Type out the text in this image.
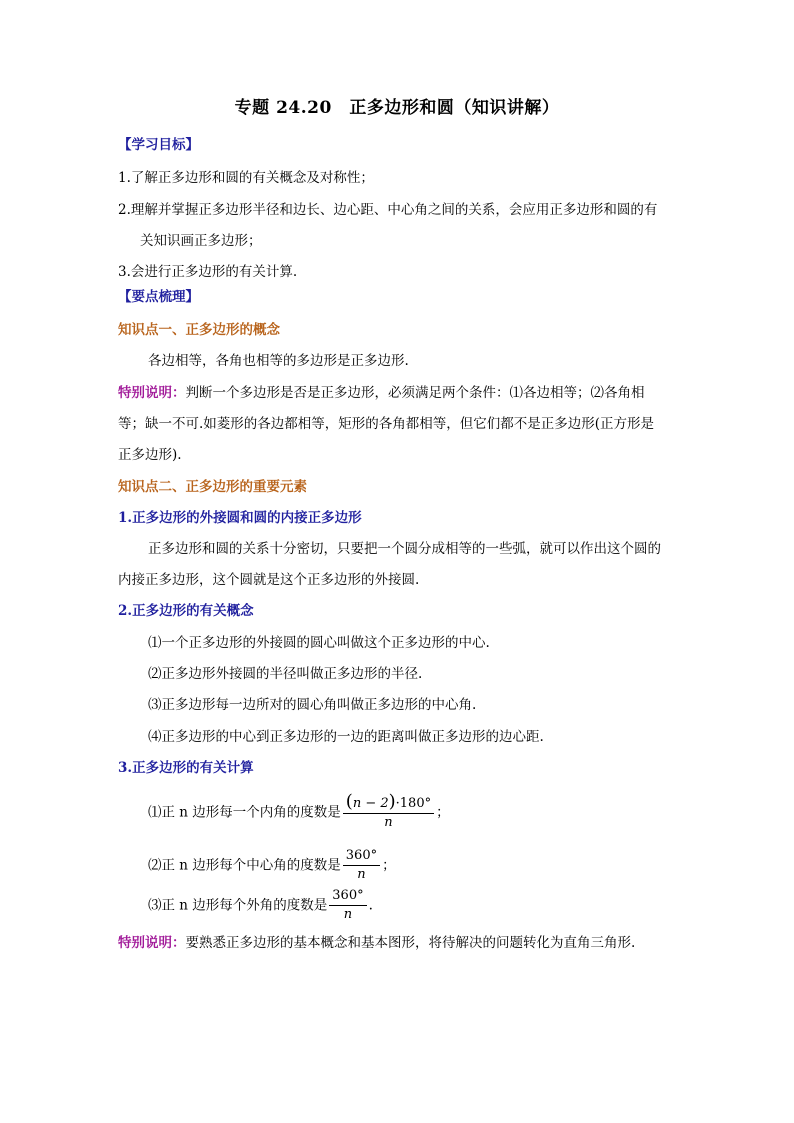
专题 24.20　正多边形和圆（知识讲解）
【学习目标】
1.了解正多边形和圆的有关概念及对称性；
2.理解并掌握正多边形半径和边长、边心距、中心角之间的关系，会应用正多边形和圆的有
关知识画正多边形；
3.会进行正多边形的有关计算.
【要点梳理】
知识点一、正多边形的概念
各边相等，各角也相等的多边形是正多边形.
特别说明：判断一个多边形是否是正多边形，必须满足两个条件：⑴各边相等；⑵各角相
等；缺一不可.如菱形的各边都相等，矩形的各角都相等，但它们都不是正多边形(正方形是
正多边形).
知识点二、正多边形的重要元素
1.正多边形的外接圆和圆的内接正多边形
正多边形和圆的关系十分密切，只要把一个圆分成相等的一些弧，就可以作出这个圆的
内接正多边形，这个圆就是这个正多边形的外接圆.
2.正多边形的有关概念
⑴一个正多边形的外接圆的圆心叫做这个正多边形的中心.
⑵正多边形外接圆的半径叫做正多边形的半径.
⑶正多边形每一边所对的圆心角叫做正多边形的中心角.
⑷正多边形的中心到正多边形的一边的距离叫做正多边形的边心距.
3.正多边形的有关计算
⑴正 n 边形每一个内角的度数是 $\frac{(n - 2)\cdot 180^\circ}{n}$ ；
⑵正 n 边形每个中心角的度数是 $\frac{360^\circ}{n}$ ；
⑶正 n 边形每个外角的度数是 $\frac{360^\circ}{n}$ .
特别说明：要熟悉正多边形的基本概念和基本图形，将待解决的问题转化为直角三角形.
